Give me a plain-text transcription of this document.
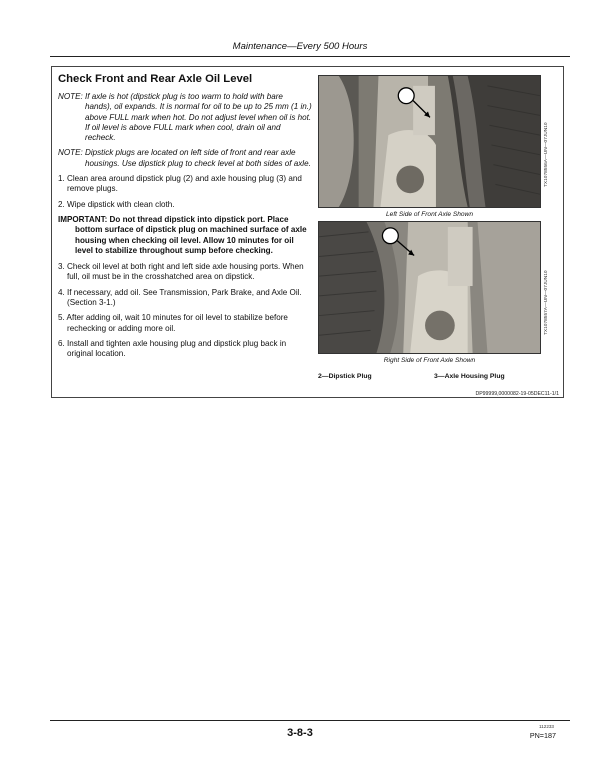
Maintenance—Every 500 Hours
Check Front and Rear Axle Oil Level
NOTE: If axle is hot (dipstick plug is too warm to hold with bare hands), oil expands. It is normal for oil to be up to 25 mm (1 in.) above FULL mark when hot. Do not adjust level when oil is hot. If oil level is above FULL mark when cool, drain oil and recheck.
NOTE: Dipstick plugs are located on left side of front and rear axle housings. Use dipstick plug to check level at both sides of axle.
1. Clean area around dipstick plug (2) and axle housing plug (3) and remove plugs.
2. Wipe dipstick with clean cloth.
IMPORTANT: Do not thread dipstick into dipstick port. Place bottom surface of dipstick plug on machined surface of axle housing when checking oil level. Allow 10 minutes for oil level to stabilize throughout sump before checking.
3. Check oil level at both right and left side axle housing ports. When full, oil must be in the crosshatched area on dipstick.
4. If necessary, add oil. See Transmission, Park Brake, and Axle Oil. (Section 3-1.)
5. After adding oil, wait 10 minutes for oil level to stabilize before rechecking or adding more oil.
6. Install and tighten axle housing plug and dipstick plug back in original location.
TX1078556A—UN—07JUN10
Left Side of Front Axle Shown
TX1078557A—UN—07JUN10
Right Side of Front Axle Shown
2—Dipstick Plug	3—Axle Housing Plug
DP99999,0000082-19-05DEC11-1/1
3-8-3
112233
PN=187
